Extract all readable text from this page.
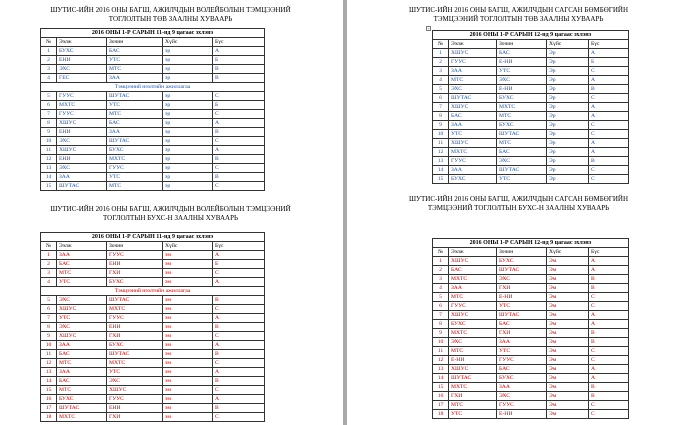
ШУТИС-ИЙН 2016 ОНЫ БАГШ, АЖИЛЧДЫН ВОЛЕЙБОЛЫН ТЭМЦЭЭНИЙ
ТОГЛОЛТЫН ТӨВ ЗААЛНЫ ХУВААРЬ
ШУТИС-ИЙН 2016 ОНЫ БАГШ, АЖИЛЧДЫН ВОЛЕЙБОЛЫН ТЭМЦЭЭНИЙ
ТОГЛОЛТЫН БУХС-Н ЗААЛНЫ ХУВААРЬ
ШУТИС-ИЙН 2016 ОНЫ БАГШ, АЖИЛЧДЫН САГСАН БӨМБӨГИЙН
ТЭМЦЭЭНИЙ ТОГЛОЛТЫН ТӨВ ЗААЛНЫ ХУВААРЬ
ШУТИС-ИЙН 2016 ОНЫ БАГШ, АЖИЛЧДЫН САГСАН БӨМБӨГИЙН
ТЭМЦЭЭНИЙ ТОГЛОЛТЫН БУХС-Н ЗААЛНЫ ХУВААРЬ
+
2016 ОНЫ 1-Р САРЫН 11-нд 9 цагаас эхлэнэ				
№	Ээлж	Зочин	Хүйс	Бүс
1	БУХС	БАС	эр	А
2	ЕНИ	УТС	эр	Б
3	ЭХС	МТС	эр	В
4	ГЕС	ЗАА	эр	В
Тэмцээний нээлтийн ажиллагаа				
5	ГУУС	ШУТАС	эр	С
6	МХТС	УТС	эр	Б
7	ГУУС	МТС	эр	С
8	ХШУС	БАС	эр	А
9	ЕНИ	ЗАА	эр	В
10	ЭХС	ШУТАС	эр	С
11	ХШУС	БУХС	эр	А
12	ЕНИ	МХТС	эр	В
13	ЭХС	ГУУС	эр	С
14	ЗАА	УТС	эр	В
15	ШУТАС	МТС	эр	С
2016 ОНЫ 1-Р САРЫН 11-нд 9 цагаас эхлэнэ				
№	Ээлж	Зочин	Хүйс	Бүс
1	ЗАА	ГУУС	эм	А
2	БАС	ЕНИ	эм	Б
3	МТС	ГХИ	эм	С
4	УТС	БУХС	эм	А
Тэмцээний нээлтийн ажиллагаа				
5	ЭХС	ШУТАС	эм	В
6	ХШУС	МХТС	эм	С
7	УТС	ГУУС	эм	А
8	ЭХС	ЕНИ	эм	В
9	ХШУС	ГХИ	эм	С
10	ЗАА	БУХС	эм	А
11	БАС	ШУТАС	эм	В
12	МТС	МХТС	эм	С
13	ЗАА	УТС	эм	А
14	БАС	ЭХС	эм	В
15	МТС	ХШУС	эм	С
16	БУХС	ГУУС	эм	А
17	ШУТАС	ЕНИ	эм	В
18	МХТС	ГХИ	эм	С
2016 ОНЫ 1-Р САРЫН 12-нд 9 цагаас эхлэнэ				
№	Ээлж	Зочин	Хүйс	Бүс
1	ХШУС	БАС	Эр	А
2	ГУУС	Е-НИ	Эр	Б
3	ЗАА	УТС	Эр	С
4	МТС	ЭХС	Эр	А
5	ЭХС	Е-НИ	Эр	В
6	ШУТАС	БУХС	Эр	С
7	ХШУС	МХТС	Эр	А
8	БАС	МТС	Эр	А
9	ЗАА	БУХС	Эр	С
10	УТС	ШУТАС	Эр	С
11	ХШУС	МТС	Эр	А
12	МХТС	БАС	Эр	А
13	ГУУС	ЭХС	Эр	В
14	ЗАА	ШУТАС	Эр	С
15	БУХС	УТС	Эр	С
2016 ОНЫ 1-Р САРЫН 12-нд 9 цагаас эхлэнэ				
№	Ээлж	Зочин	Хүйс	Бүс
1	ХШУС	БУХС	Эм	А
2	БАС	ШУТАС	Эм	А
3	МХТС	ЭХС	Эм	В
4	ЗАА	ГХИ	Эм	В
5	МТС	Е-НИ	Эм	С
6	ГУУС	УТС	Эм	С
7	ХШУС	ШУТАС	Эм	А
8	БУХС	БАС	Эм	А
9	МХТС	ГХИ	Эм	В
10	ЭХС	ЗАА	Эм	В
11	МТС	УТС	Эм	С
12	Е-НИ	ГУУС	Эм	С
13	ХШУС	БАС	Эм	А
14	ШУТАС	БУХС	Эм	А
15	МХТС	ЗАА	Эм	В
16	ГХИ	ЭХС	Эм	В
17	МТС	ГУУС	Эм	С
18	УТС	Е-НИ	Эм	С
